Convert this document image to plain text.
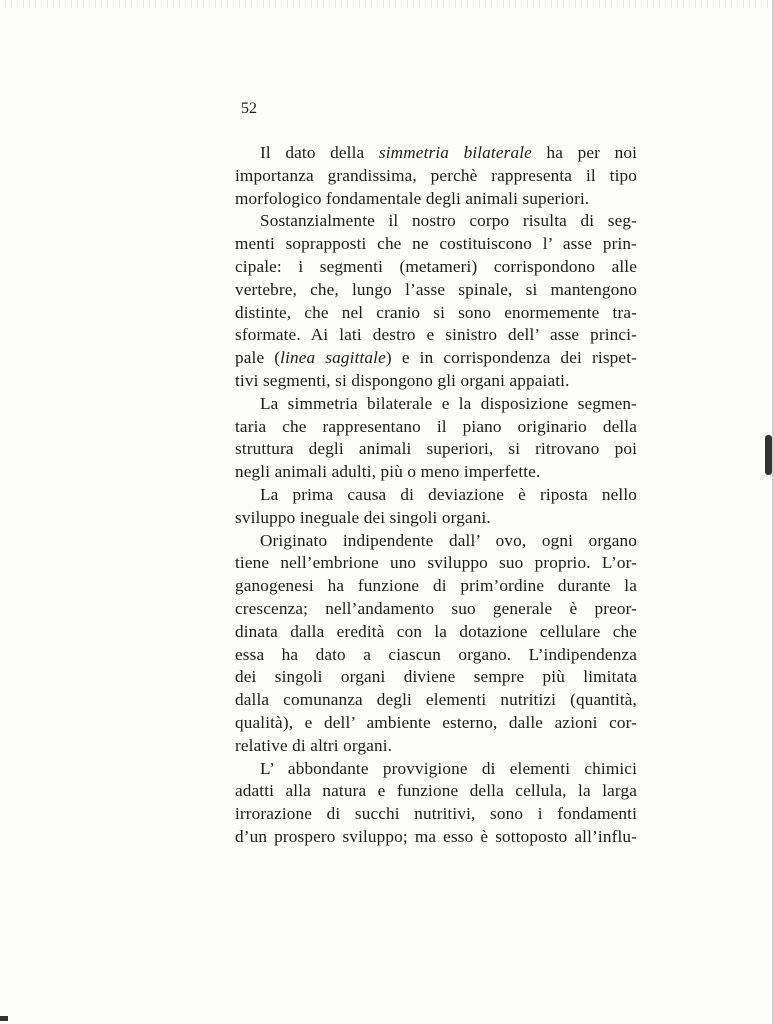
52
Il dato della simmetria bilaterale ha per noi
importanza grandissima, perchè rappresenta il tipo
morfologico fondamentale degli animali superiori.
Sostanzialmente il nostro corpo risulta di seg-
menti soprapposti che ne costituiscono l’ asse prin-
cipale: i segmenti (metameri) corrispondono alle
vertebre, che, lungo l’asse spinale, si mantengono
distinte, che nel cranio si sono enormemente tra-
sformate. Ai lati destro e sinistro dell’ asse princi-
pale (linea sagittale) e in corrispondenza dei rispet-
tivi segmenti, si dispongono gli organi appaiati.
La simmetria bilaterale e la disposizione segmen-
taria che rappresentano il piano originario della
struttura degli animali superiori, si ritrovano poi
negli animali adulti, più o meno imperfette.
La prima causa di deviazione è riposta nello
sviluppo ineguale dei singoli organi.
Originato indipendente dall’ ovo, ogni organo
tiene nell’embrione uno sviluppo suo proprio. L’or-
ganogenesi ha funzione di prim’ordine durante la
crescenza; nell’andamento suo generale è preor-
dinata dalla eredità con la dotazione cellulare che
essa ha dato a ciascun organo. L’indipendenza
dei singoli organi diviene sempre più limitata
dalla comunanza degli elementi nutritizi (quantità,
qualità), e dell’ ambiente esterno, dalle azioni cor-
relative di altri organi.
L’ abbondante provvigione di elementi chimici
adatti alla natura e funzione della cellula, la larga
irrorazione di succhi nutritivi, sono i fondamenti
d’un prospero sviluppo; ma esso è sottoposto all’influ-
